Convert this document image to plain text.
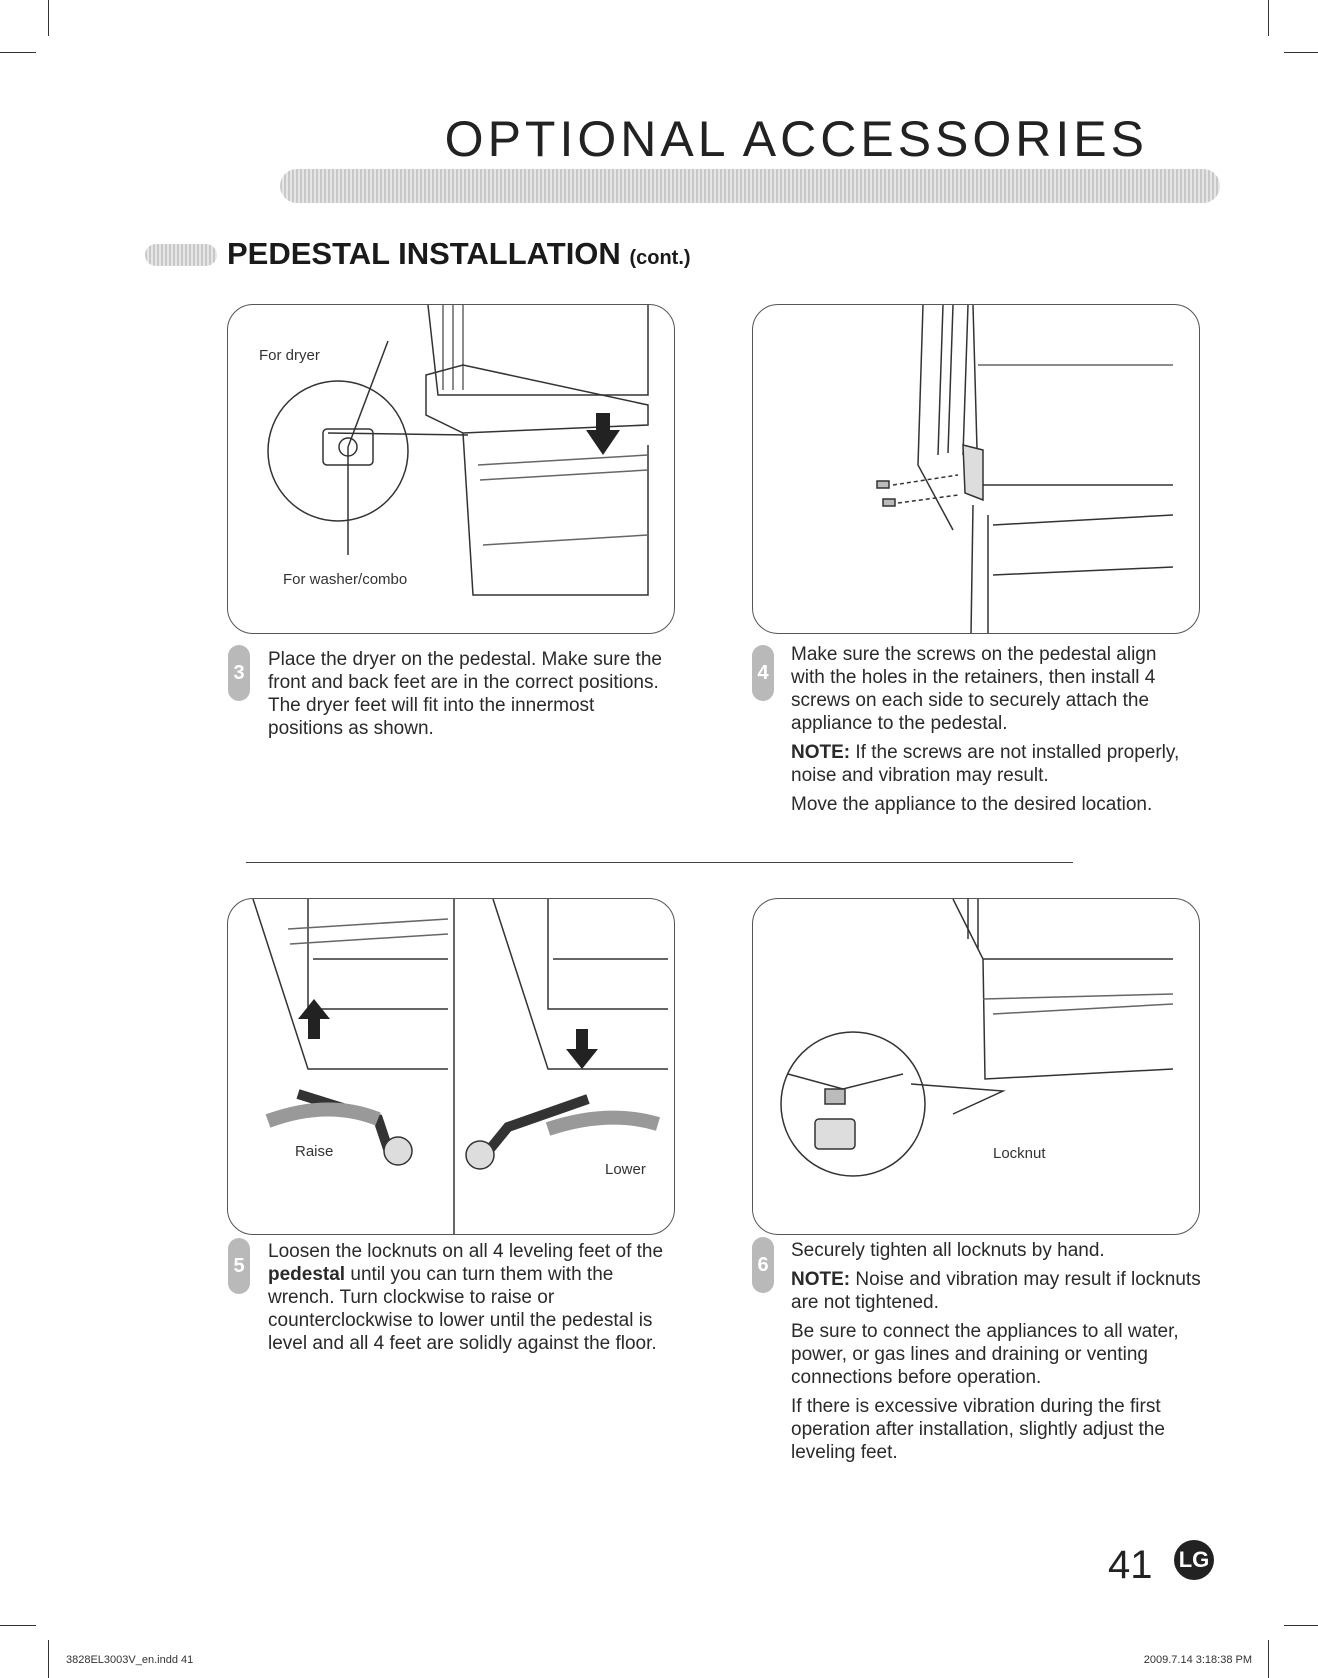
OPTIONAL ACCESSORIES
PEDESTAL INSTALLATION (cont.)
For dryer
For washer/combo
3

Place the dryer on the pedestal. Make sure the front and back feet are in the correct positions. The dryer feet will fit into the innermost positions as shown.

4

Make sure the screws on the pedestal align with the holes in the retainers, then install 4 screws on each side to securely attach the appliance to the pedestal.

NOTE: If the screws are not installed properly, noise and vibration may result.

Move the appliance to the desired location.

Raise
Lower
5

Loosen the locknuts on all 4 leveling feet of the pedestal until you can turn them with the wrench. Turn clockwise to raise or counterclockwise to lower until the pedestal is level and all 4 feet are solidly against the floor.

Locknut
6

Securely tighten all locknuts by hand.

NOTE: Noise and vibration may result if locknuts are not tightened.

Be sure to connect the appliances to all water, power, or gas lines and draining or venting connections before operation.

If there is excessive vibration during the first operation after installation, slightly adjust the leveling feet.

41 LG
3828EL3003V_en.indd 41	2009.7.14 3:18:38 PM
